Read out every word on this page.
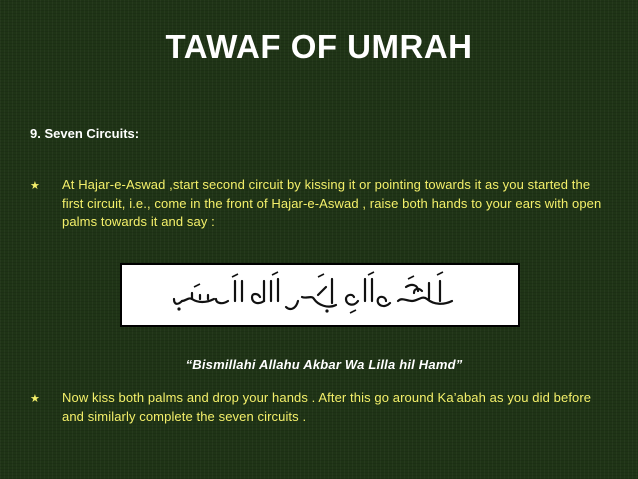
TAWAF OF UMRAH
9. Seven Circuits:
★	At Hajar-e-Aswad ,start second circuit by kissing it or pointing towards it as you started the first circuit, i.e., come in the front of Hajar-e-Aswad , raise both hands to your ears with open palms towards it and say :
“Bismillahi Allahu Akbar Wa Lilla hil Hamd”
★	Now kiss both palms and drop your hands . After this go around Ka’abah as you did before and similarly complete the seven circuits .
